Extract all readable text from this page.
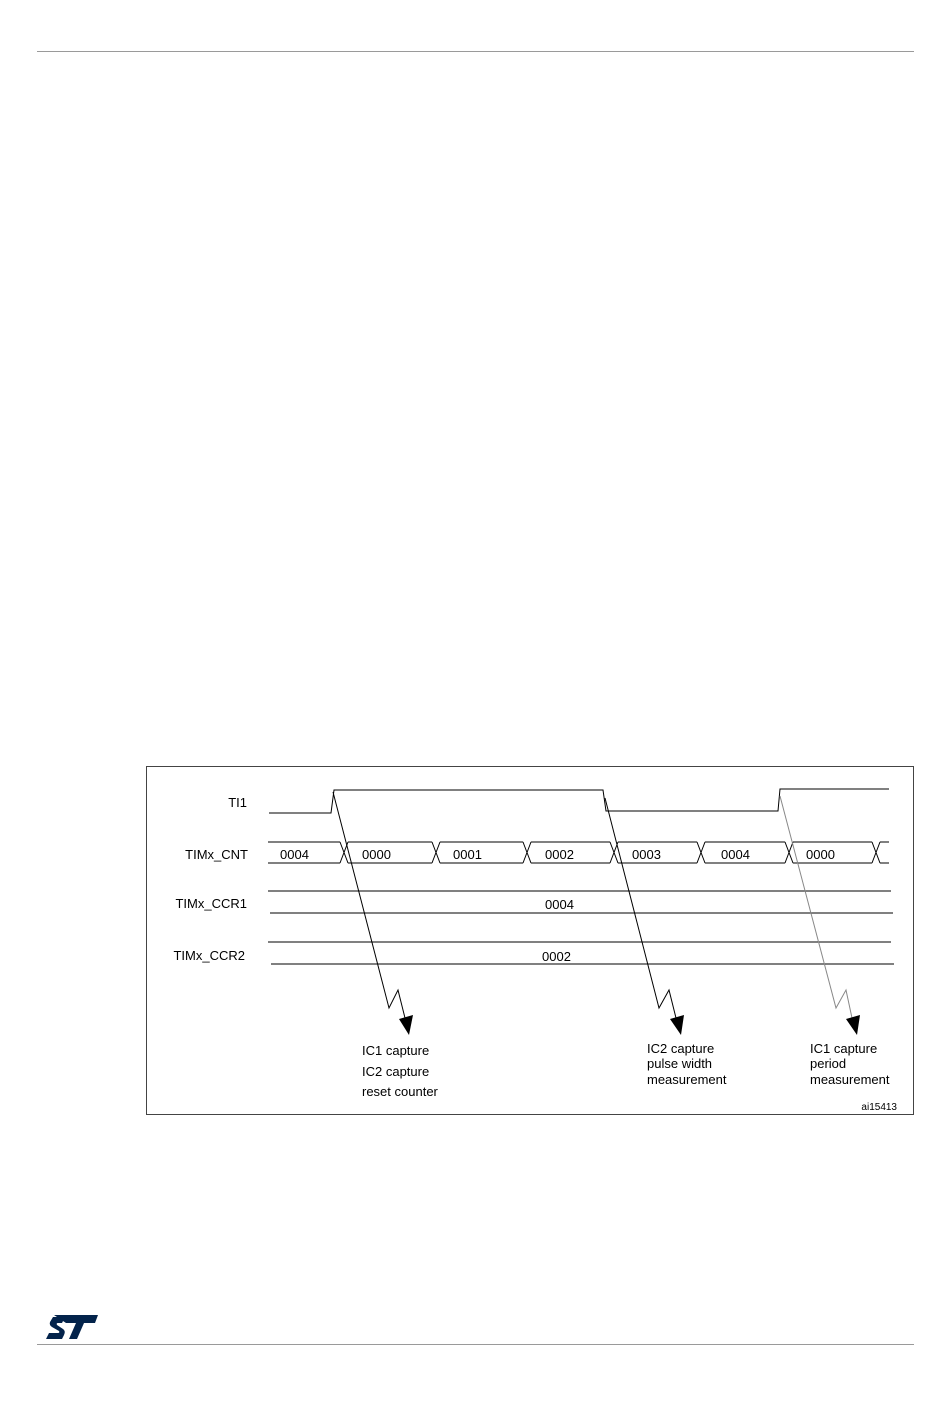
TI1
TIMx_CNT
TIMx_CCR1
TIMx_CCR2
0004	0000	0001	0002	0003	0004	0000
0004
0002
IC1 capture
IC2 capture
reset counter
IC2 capture
pulse width
measurement
IC1 capture
period
measurement
ai15413
